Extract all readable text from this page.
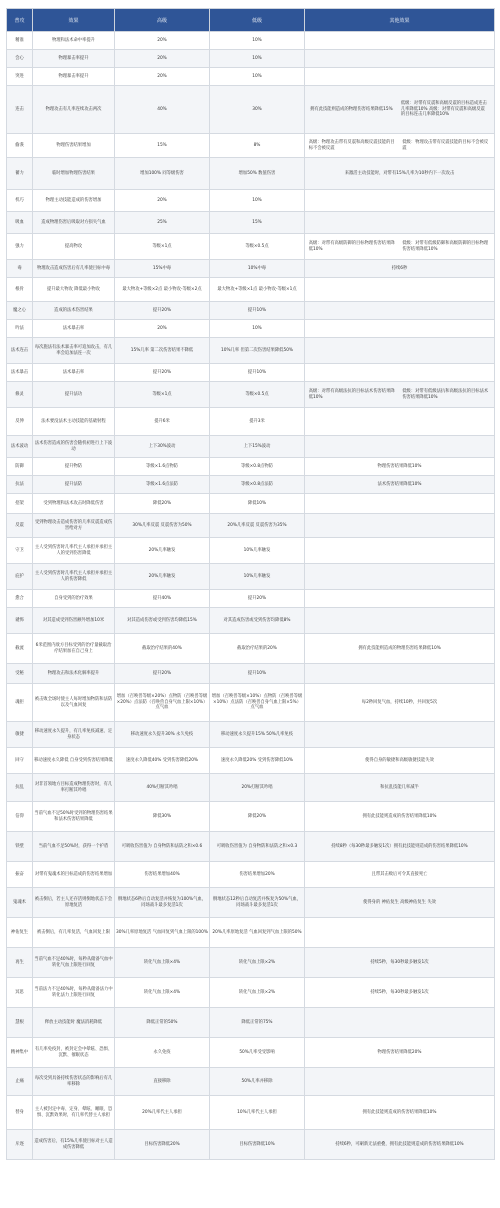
普攻	效果	高级	低级	其他效果
精准	物理和法术命中率提升	20%	10%	
会心	物理暴击率提升	20%	10%	
突进	物理暴击率提升	20%	10%	
连击	物理攻击有几率连续攻击两次	40%	30%	拥有此技能则造成的物理伤害结果降低15%
低级：对带有反震和高级反震的目标造成连击几率降低10% 高级：对带有反震和高级反震的目标连击几率降低10%

偷袭	物理伤害结果增加	15%	8%	高级：物理攻击带有反震和高级反震技能的目标不会被反震
低级：物理攻击带有反震技能的目标不会被反震

蓄力	临时增加物理伤害结果	增加100% 同等级伤害	增加50% 数值伤害	来激活主动技能时，对带有15%几率为10秒内下一次攻击
机巧	物理主动技能造成的伤害增加	20%	10%	
吸血	造成物理伤害后吸取对方损失气血	25%	15%	
强力	提高物攻	等级×1点	等级×0.5点	高级：对带有高级防御的目标物理伤害结果降低10%
低级：对带有低级防御和高级防御的目标物理伤害结果降低10%

毒	物理攻击造成伤害后有几率使目标中毒	15%中毒	10%中毒	持续6秒
根骨	提升最大物攻 降低最小物攻	最大物攻+等级×2点 最小物攻-等级×2点	最大物攻+等级×1点 最小物攻-等级×1点	
魔之心	造成的法术伤害结果	提升20%	提升10%	
吟法	法术暴击率	20%	10%	
法术连击	每次施法有法术暴击率可追加攻击，有几率会追加法连一次	15%几率 第二次伤害结果不降低	10%几率 但第二次伤害结果降低50%	
法术暴击	法术暴击率	提升20%	提升10%	
修灵	提升法功	等级×1点	等级×0.5点	高级：对带有高级法抗的目标法术伤害结果降低10%
低级：对带有低级法抗和高级法抗的目标法术伤害结果降低10%

反伸	法术要没法术主动技能的基础射程	提升6米	提升3米	
法术波动	法术伤害造成的伤害会随机初进行上下波动	上下30%波动	上下15%波动	
防御	提升物防	等级×1.6点物防	等级×0.8点物防	物理伤害结果降低10%
抗法	提升法防	等级×1.6点法防	等级×0.8点法防	法术伤害结果降低10%
招架	受到物理和法术攻击时降低伤害	降低20%	降低10%	
反震	受到物理攻击造成伤害的几率反震造成伤害给对方	30%几率反震 反震伤害为50%	20%几率反震 反震伤害为35%	
守卫	主人受到伤害时几率代主人承担并承担主人的受到伤害降低	20%几率触发	10%几率触发	
庇护	主人受到伤害时几率代主人承担并承担主人的伤害降低	20%几率触发	10%几率触发	
愈合	自身受到的治疗效果	提升40%	提升20%	
谴怖	对其造成受到伤害额外增加10米	对其造成伤害或受到伤害均降低15%	对其造成伤害或受到伤害均降低8%	
截流	6米范围内敌方目标受到的治疗量截取治疗结果加在自己身上	截取治疗结果的40%	截取治疗结果的20%	拥有此技能则造成的物理伤害结果降低10%
受秘	物理攻击和法术化解率提升	提升20%	提升10%	
魂拒	被击败全场时使主人每时增加物防和法防以及气血回复	增加（召唤兽等级×20%）点物防（召唤兽等级×20%）点法防（召唤兽自身气血上限×10%）点气血	增加（召唤兽等级×10%）点物防（召唤兽等级×10%）点法防（召唤兽自身气血上限×5%）点气血	每2秒回复气血，持续10秒，共回复5次
敏捷	移动速度永久提升，有几率免疫减速、定身状态	移动速度永久提升30% 永久免疫	移动速度永久提升15% 50%几率免疫	
回守	移动速度永久降低 自身受到伤害结果降低	速度永久降低40% 受到伤害降低20%	速度永久降低20% 受到伤害降低10%	使得自身的敏捷和高级敏捷技能失效
抗乱	对非首领地方目标造成物理伤害时，有几率打断其吟唱	40%打断其吟唱	20%打断其吟唱	和抗乱技能几率减半
信仰	当前气血不足50%时受到的物理伤害结果和法术伤害结果降低	降低30%	降低20%	拥有此技能则造成的伤害结果降低10%
铁壁	当前气血不足50%时，获得一个护盾	可吸收伤害值为 自身物防和法防之和×0.6	可吸收伤害值为 自身物防和法防之和×0.3	持续8秒（每30秒最多触发1次）拥有此技能则造成的伤害结果降低10%
振奋	对带有鬼魂术的目标造成的伤害结果增加	伤害结果增加40%	伤害结果增加20%	且带其击败后可令其直接死亡
鬼魂术	被击倒后，若主人还存活则倒地状态下会原地复活	倒地状态6秒后自动复活并恢复为100%气血，同场战斗最多复活1次	倒地状态12秒后自动复活并恢复为50%气血，同场战斗最多复活1次	使得身的 神佑复生 高级神佑复生 失效
神佑复生	被击倒后，有几率复活，气血回复上限	30%几率原地复活 气血回复到气血上限的100%	20%几率原地复活 气血回复到气血上限的50%	
再生	当前气血不足40%时，每秒从储备气血中转化气血上限进行回复	转化气血上限×4%	转化气血上限×2%	持续5秒，每30秒最多触发1次
冥思	当前法力不足40%时，每秒从储备法力中转化法力上限进行回复	转化气血上限×4%	转化气血上限×2%	持续5秒，每30秒最多触发1次
慧根	释放主动技能时 魔法消耗降低	降低正常的50%	降低正常的75%	
精神集中	有几率免疫封，被封定会中晕眩、恐惧、沉默、催眠状态	永久免疫	50%几率受受影响	物理伤害结果降低20%
止痛	每次受到具备持续伤害状态的影响后有几率移除	直接移除	50%几率并移除	
替身	主人被封定中毒、定身、晕眩、睡眠、恐惧、沉默效果时，有几率代替主人承担	20%几率代主人承担	10%几率代主人承担	拥有此技能则造成的伤害结果降低10%
斥逐	造成伤害后，有15%几率使目标对主人造成伤害降低	目标伤害降低20%	目标伤害降低10%	持续6秒，可刷新无法重叠，拥有此技能则造成的伤害结果降低10%
